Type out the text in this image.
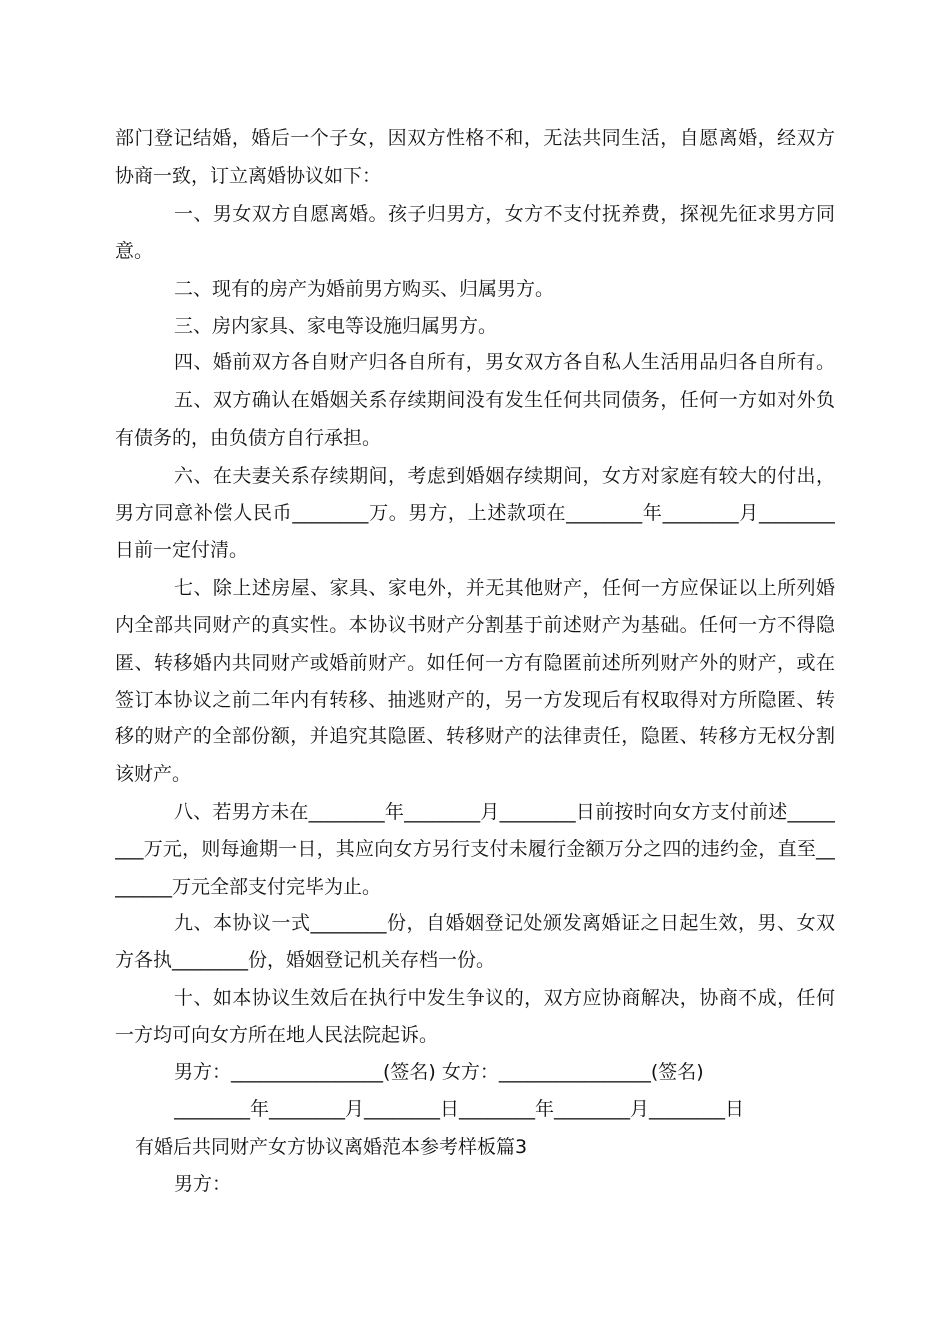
部门登记结婚，婚后一个子女，因双方性格不和，无法共同生活，自愿离婚，经双方
协商一致，订立离婚协议如下：
一、男女双方自愿离婚。孩子归男方，女方不支付抚养费，探视先征求男方同
意。
二、现有的房产为婚前男方购买、归属男方。
三、房内家具、家电等设施归属男方。
四、婚前双方各自财产归各自所有，男女双方各自私人生活用品归各自所有。
五、双方确认在婚姻关系存续期间没有发生任何共同债务，任何一方如对外负
有债务的，由负债方自行承担。
六、在夫妻关系存续期间，考虑到婚姻存续期间，女方对家庭有较大的付出，
男方同意补偿人民币________万。男方，上述款项在________年________月________
日前一定付清。
七、除上述房屋、家具、家电外，并无其他财产，任何一方应保证以上所列婚
内全部共同财产的真实性。本协议书财产分割基于前述财产为基础。任何一方不得隐
匿、转移婚内共同财产或婚前财产。如任何一方有隐匿前述所列财产外的财产，或在
签订本协议之前二年内有转移、抽逃财产的，另一方发现后有权取得对方所隐匿、转
移的财产的全部份额，并追究其隐匿、转移财产的法律责任，隐匿、转移方无权分割
该财产。
八、若男方未在________年________月________日前按时向女方支付前述_____
___万元，则每逾期一日，其应向女方另行支付未履行金额万分之四的违约金，直至__
______万元全部支付完毕为止。
九、本协议一式________份，自婚姻登记处颁发离婚证之日起生效，男、女双
方各执________份，婚姻登记机关存档一份。
十、如本协议生效后在执行中发生争议的，双方应协商解决，协商不成，任何
一方均可向女方所在地人民法院起诉。
男方：________________(签名) 女方：________________(签名)
________年________月________日________年________月________日
有婚后共同财产女方协议离婚范本参考样板篇3
男方：
